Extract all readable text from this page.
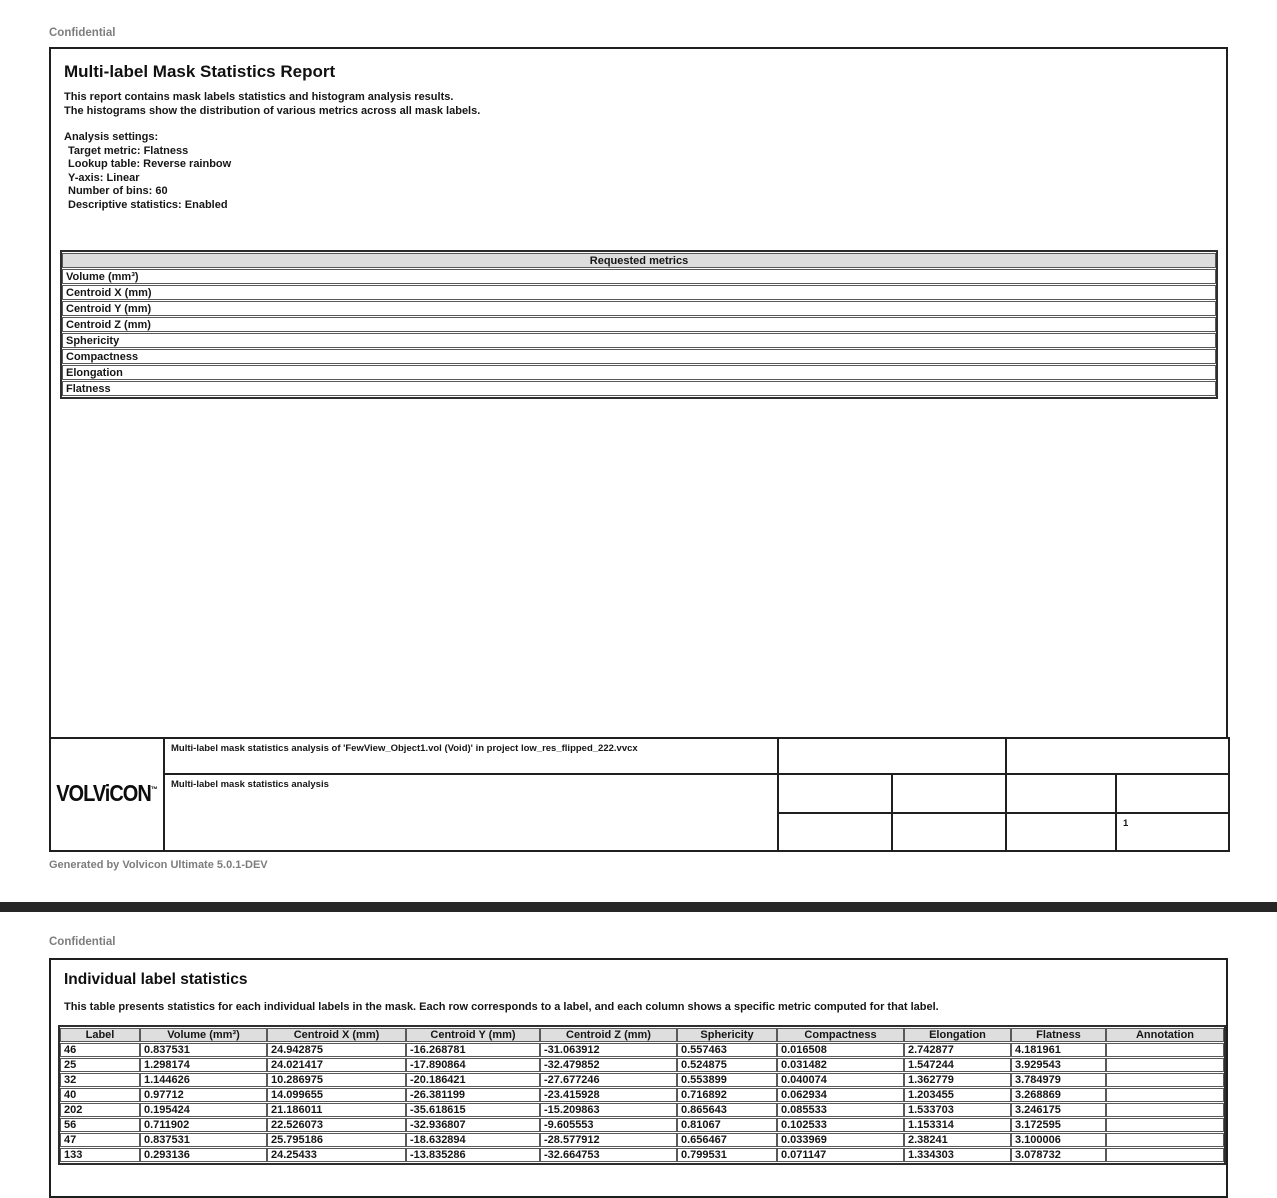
Confidential
Multi-label Mask Statistics Report
This report contains mask labels statistics and histogram analysis results.
The histograms show the distribution of various metrics across all mask labels.
Analysis settings:
Target metric: Flatness
Lookup table: Reverse rainbow
Y-axis: Linear
Number of bins: 60
Descriptive statistics: Enabled
Requested metrics
Volume (mm³)
Centroid X (mm)
Centroid Y (mm)
Centroid Z (mm)
Sphericity
Compactness
Elongation
Flatness
VOLViCON™	Multi-label mask statistics analysis of 'FewView_Object1.vol (Void)' in project low_res_flipped_222.vvcx				
	Multi-label mask statistics analysis				
					1
Generated by Volvicon Ultimate 5.0.1-DEV
Confidential
Individual label statistics
This table presents statistics for each individual labels in the mask. Each row corresponds to a label, and each column shows a specific metric computed for that label.
Label	Volume (mm³)	Centroid X (mm)	Centroid Y (mm)	Centroid Z (mm)	Sphericity	Compactness	Elongation	Flatness	Annotation
46	0.837531	24.942875	-16.268781	-31.063912	0.557463	0.016508	2.742877	4.181961	
25	1.298174	24.021417	-17.890864	-32.479852	0.524875	0.031482	1.547244	3.929543	
32	1.144626	10.286975	-20.186421	-27.677246	0.553899	0.040074	1.362779	3.784979	
40	0.97712	14.099655	-26.381199	-23.415928	0.716892	0.062934	1.203455	3.268869	
202	0.195424	21.186011	-35.618615	-15.209863	0.865643	0.085533	1.533703	3.246175	
56	0.711902	22.526073	-32.936807	-9.605553	0.81067	0.102533	1.153314	3.172595	
47	0.837531	25.795186	-18.632894	-28.577912	0.656467	0.033969	2.38241	3.100006	
133	0.293136	24.25433	-13.835286	-32.664753	0.799531	0.071147	1.334303	3.078732	
